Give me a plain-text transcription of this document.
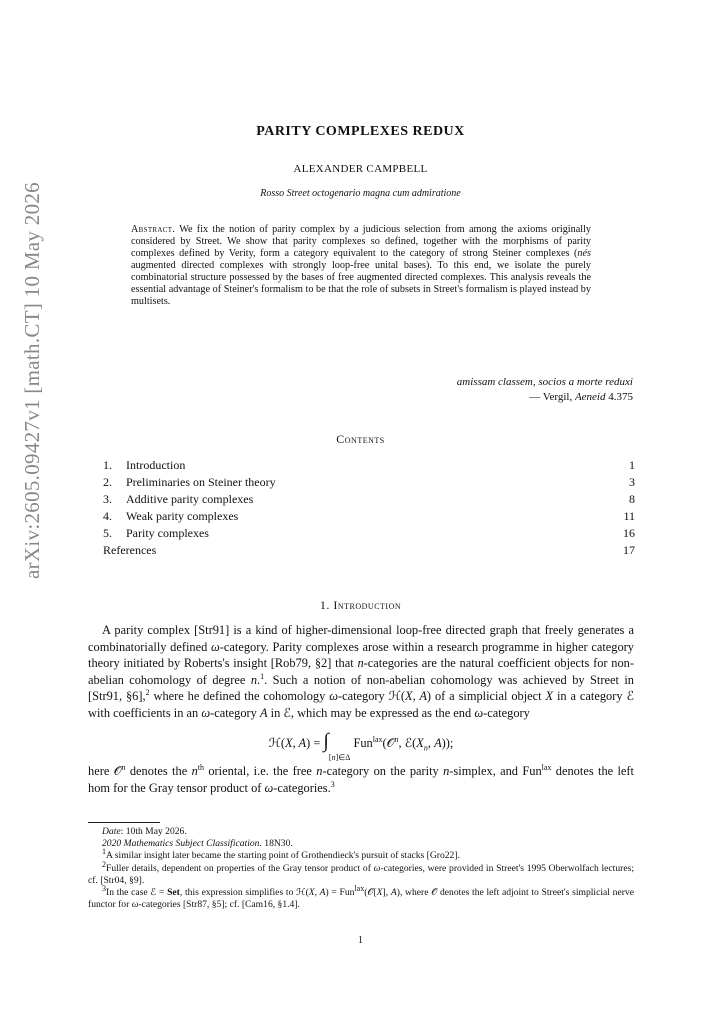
arXiv:2605.09427v1 [math.CT] 10 May 2026
PARITY COMPLEXES REDUX
ALEXANDER CAMPBELL
Rosso Street octogenario magna cum admiratione
Abstract. We fix the notion of parity complex by a judicious selection from among the axioms originally considered by Street. We show that parity complexes so defined, together with the morphisms of parity complexes defined by Verity, form a category equivalent to the category of strong Steiner complexes (nés augmented directed complexes with strongly loop-free unital bases). To this end, we isolate the purely combinatorial structure possessed by the bases of free augmented directed complexes. This analysis reveals the essential advantage of Steiner's formalism to be that the role of subsets in Street's formalism is played instead by multisets.
amissam classem, socios a morte reduxi
— Vergil, Aeneid 4.375
Contents
1.	Introduction	1
2.	Preliminaries on Steiner theory	3
3.	Additive parity complexes	8
4.	Weak parity complexes	11
5.	Parity complexes	16
References	17
1. Introduction

A parity complex [Str91] is a kind of higher-dimensional loop-free directed graph that freely generates a combinatorially defined ω-category. Parity complexes arose within a research programme in higher category theory initiated by Roberts's insight [Rob79, §2] that n-categories are the natural coefficient objects for non-abelian cohomology of degree n.$^1$. Such a notion of non-abelian cohomology was achieved by Street in [Str91, §6],$^2$ where he defined the cohomology ω-category ℋ(X, A) of a simplicial object X in a category ℰ with coefficients in an ω-category A in ℰ, which may be expressed as the end ω-category

ℋ(X, $A) = \int_{[n]\in\Delta}$ Fun$^{lax}$(𝒪$^n$, $ℰ(X_n$, A));

here 𝒪$^n$ denotes the $n^{th}$ oriental, i.e. the free n-category on the parity n-simplex, and Fun$^{lax}$ denotes the left hom for the Gray tensor product of ω-categories.$^3$

Date: 10th May 2026.

2020 Mathematics Subject Classification. 18N30.

$^1$A similar insight later became the starting point of Grothendieck's pursuit of stacks [Gro22].

$^2$Fuller details, dependent on properties of the Gray tensor product of ω-categories, were provided in Street's 1995 Oberwolfach lectures; cf. [Str04, §9].

$^3$In the case ℰ = Set, this expression simplifies to ℋ(X, A) = Fun$^{lax}$(𝒪[X], A), where 𝒪 denotes the left adjoint to Street's simplicial nerve functor for ω-categories [Str87, §5]; cf. [Cam16, §1.4].

1
